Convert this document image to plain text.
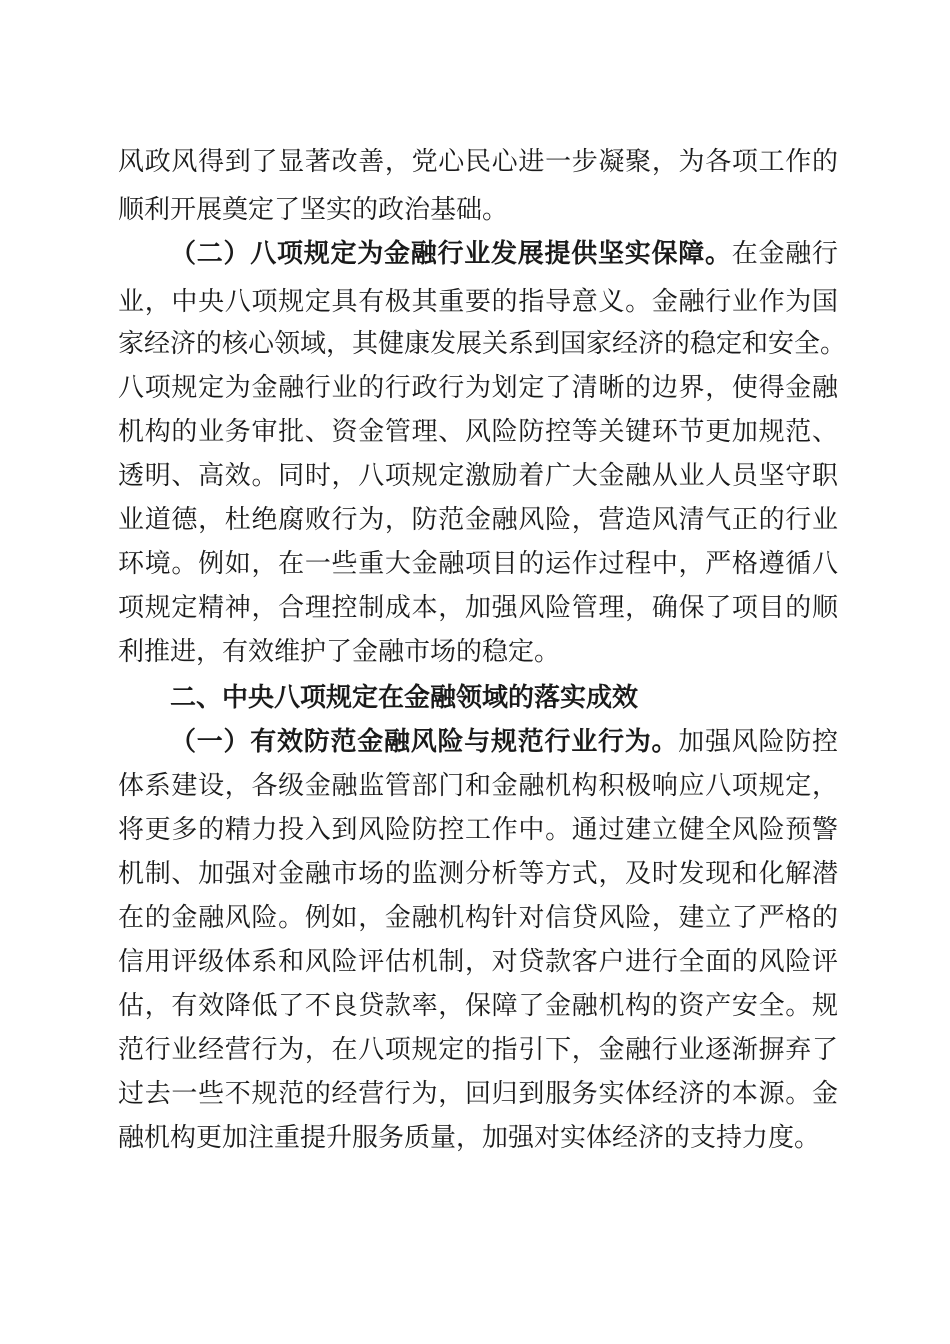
风政风得到了显著改善，党心民心进一步凝聚，为各项工作的
顺利开展奠定了坚实的政治基础。
（二）八项规定为金融行业发展提供坚实保障。在金融行
业，中央八项规定具有极其重要的指导意义。金融行业作为国
家经济的核心领域，其健康发展关系到国家经济的稳定和安全。
八项规定为金融行业的行政行为划定了清晰的边界，使得金融
机构的业务审批、资金管理、风险防控等关键环节更加规范、
透明、高效。同时，八项规定激励着广大金融从业人员坚守职
业道德，杜绝腐败行为，防范金融风险，营造风清气正的行业
环境。例如，在一些重大金融项目的运作过程中，严格遵循八
项规定精神，合理控制成本，加强风险管理，确保了项目的顺
利推进，有效维护了金融市场的稳定。
二、中央八项规定在金融领域的落实成效
（一）有效防范金融风险与规范行业行为。加强风险防控
体系建设，各级金融监管部门和金融机构积极响应八项规定，
将更多的精力投入到风险防控工作中。通过建立健全风险预警
机制、加强对金融市场的监测分析等方式，及时发现和化解潜
在的金融风险。例如，金融机构针对信贷风险，建立了严格的
信用评级体系和风险评估机制，对贷款客户进行全面的风险评
估，有效降低了不良贷款率，保障了金融机构的资产安全。规
范行业经营行为，在八项规定的指引下，金融行业逐渐摒弃了
过去一些不规范的经营行为，回归到服务实体经济的本源。金
融机构更加注重提升服务质量，加强对实体经济的支持力度。
